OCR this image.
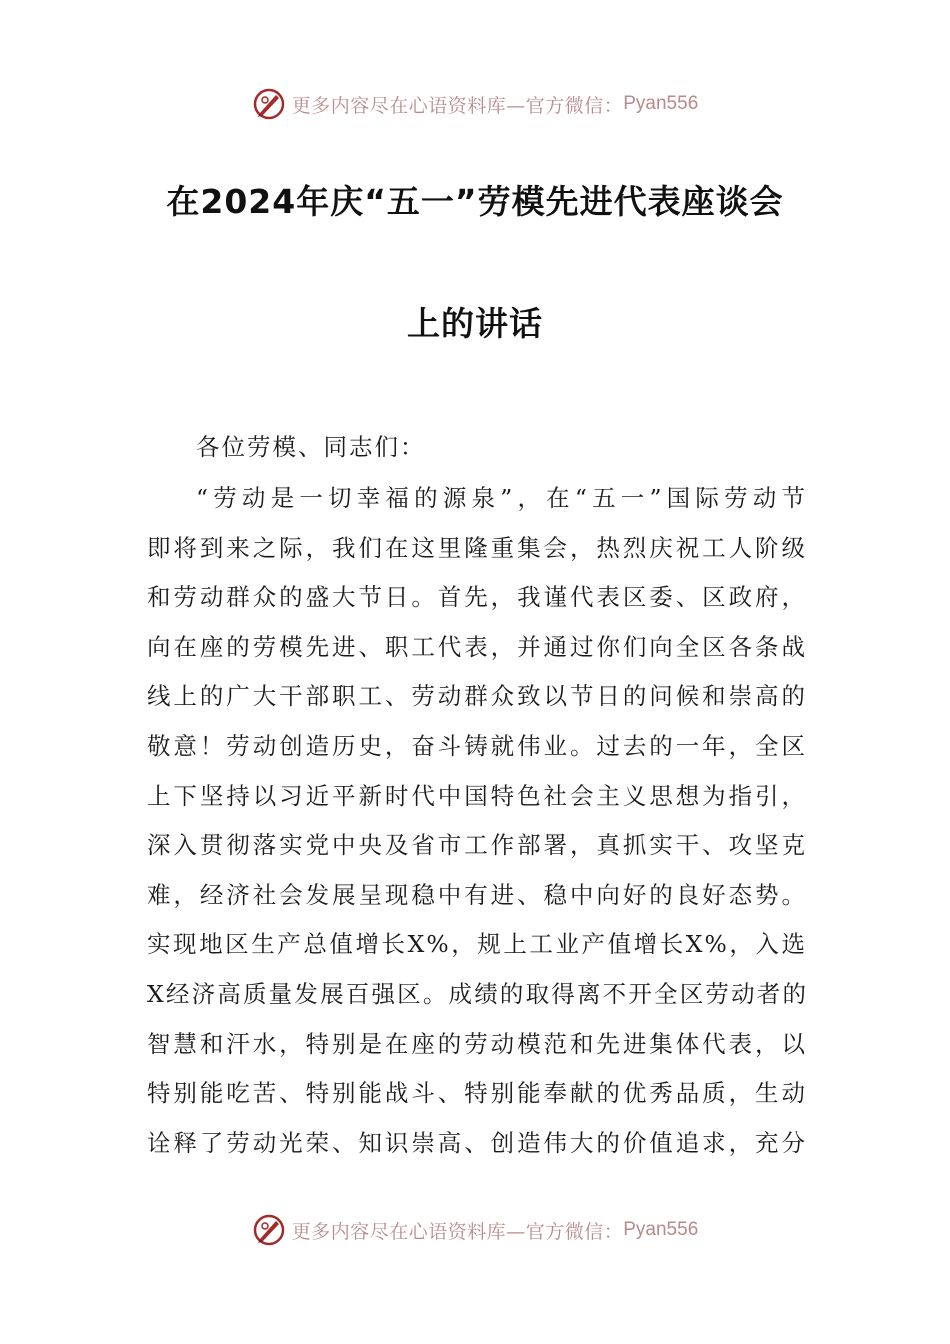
更多内容尽在心语资料库—官方微信： Pyan556
在2024年庆“五一”劳模先进代表座谈会
上的讲话
各位劳模、同志们：

“劳动是一切幸福的源泉”，在“五一”国际劳动节

即将到来之际，我们在这里隆重集会，热烈庆祝工人阶级

和劳动群众的盛大节日。首先，我谨代表区委、区政府，

向在座的劳模先进、职工代表，并通过你们向全区各条战

线上的广大干部职工、劳动群众致以节日的问候和崇高的

敬意！劳动创造历史，奋斗铸就伟业。过去的一年，全区

上下坚持以习近平新时代中国特色社会主义思想为指引，

深入贯彻落实党中央及省市工作部署，真抓实干、攻坚克

难，经济社会发展呈现稳中有进、稳中向好的良好态势。

实现地区生产总值增长X%，规上工业产值增长X%，入选

X经济高质量发展百强区。成绩的取得离不开全区劳动者的

智慧和汗水，特别是在座的劳动模范和先进集体代表，以

特别能吃苦、特别能战斗、特别能奉献的优秀品质，生动

诠释了劳动光荣、知识崇高、创造伟大的价值追求，充分

更多内容尽在心语资料库—官方微信： Pyan556
